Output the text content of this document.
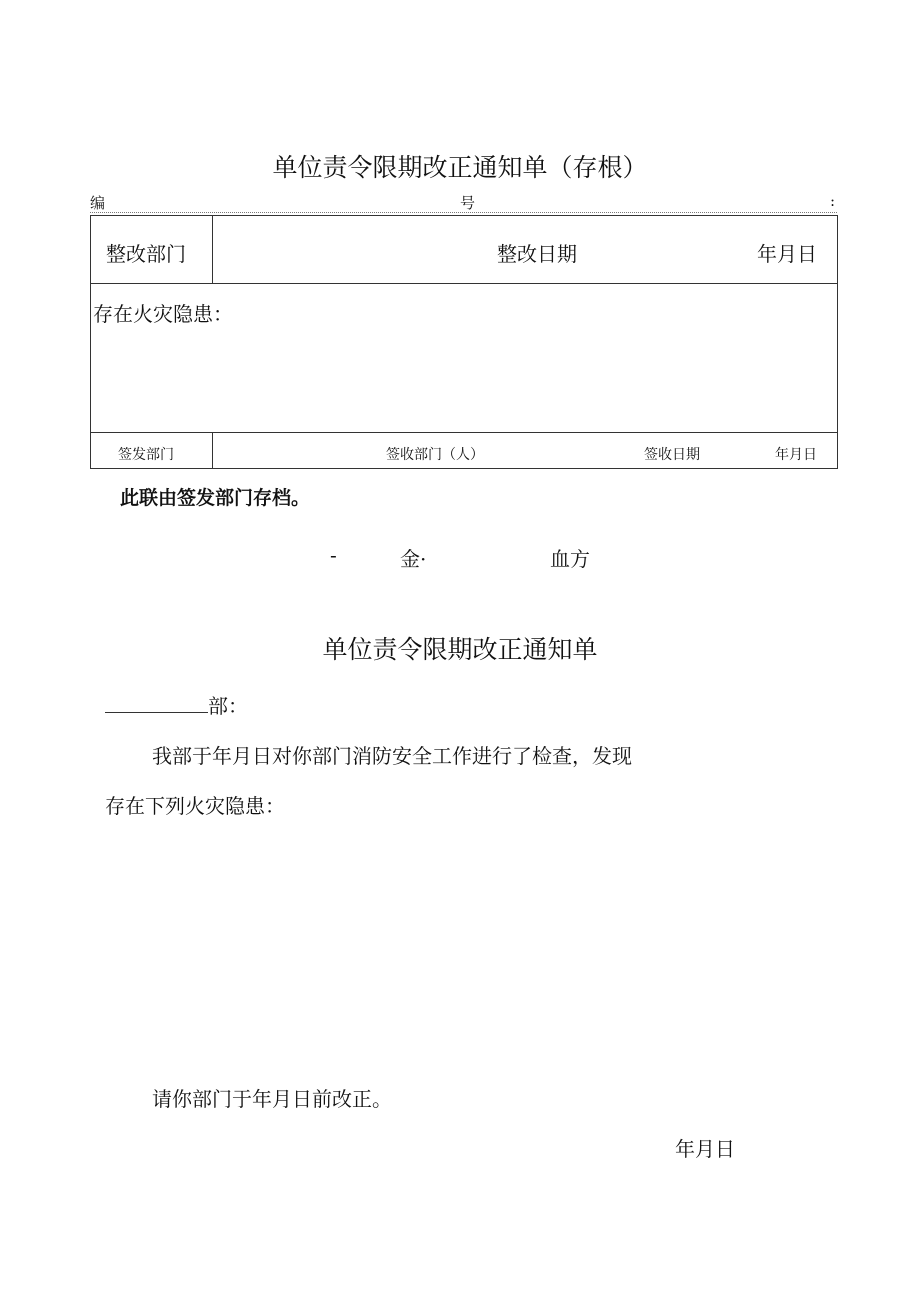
单位责令限期改正通知单（存根）
编	号	:
整改部门	整改日期	年月日
存在火灾隐患：
签发部门	签收部门（人）	签收日期	年月日
此联由签发部门存档。
-	金·	血方
单位责令限期改正通知单
部：
我部于年月日对你部门消防安全工作进行了检查，发现
存在下列火灾隐患：
请你部门于年月日前改正。
年月日
